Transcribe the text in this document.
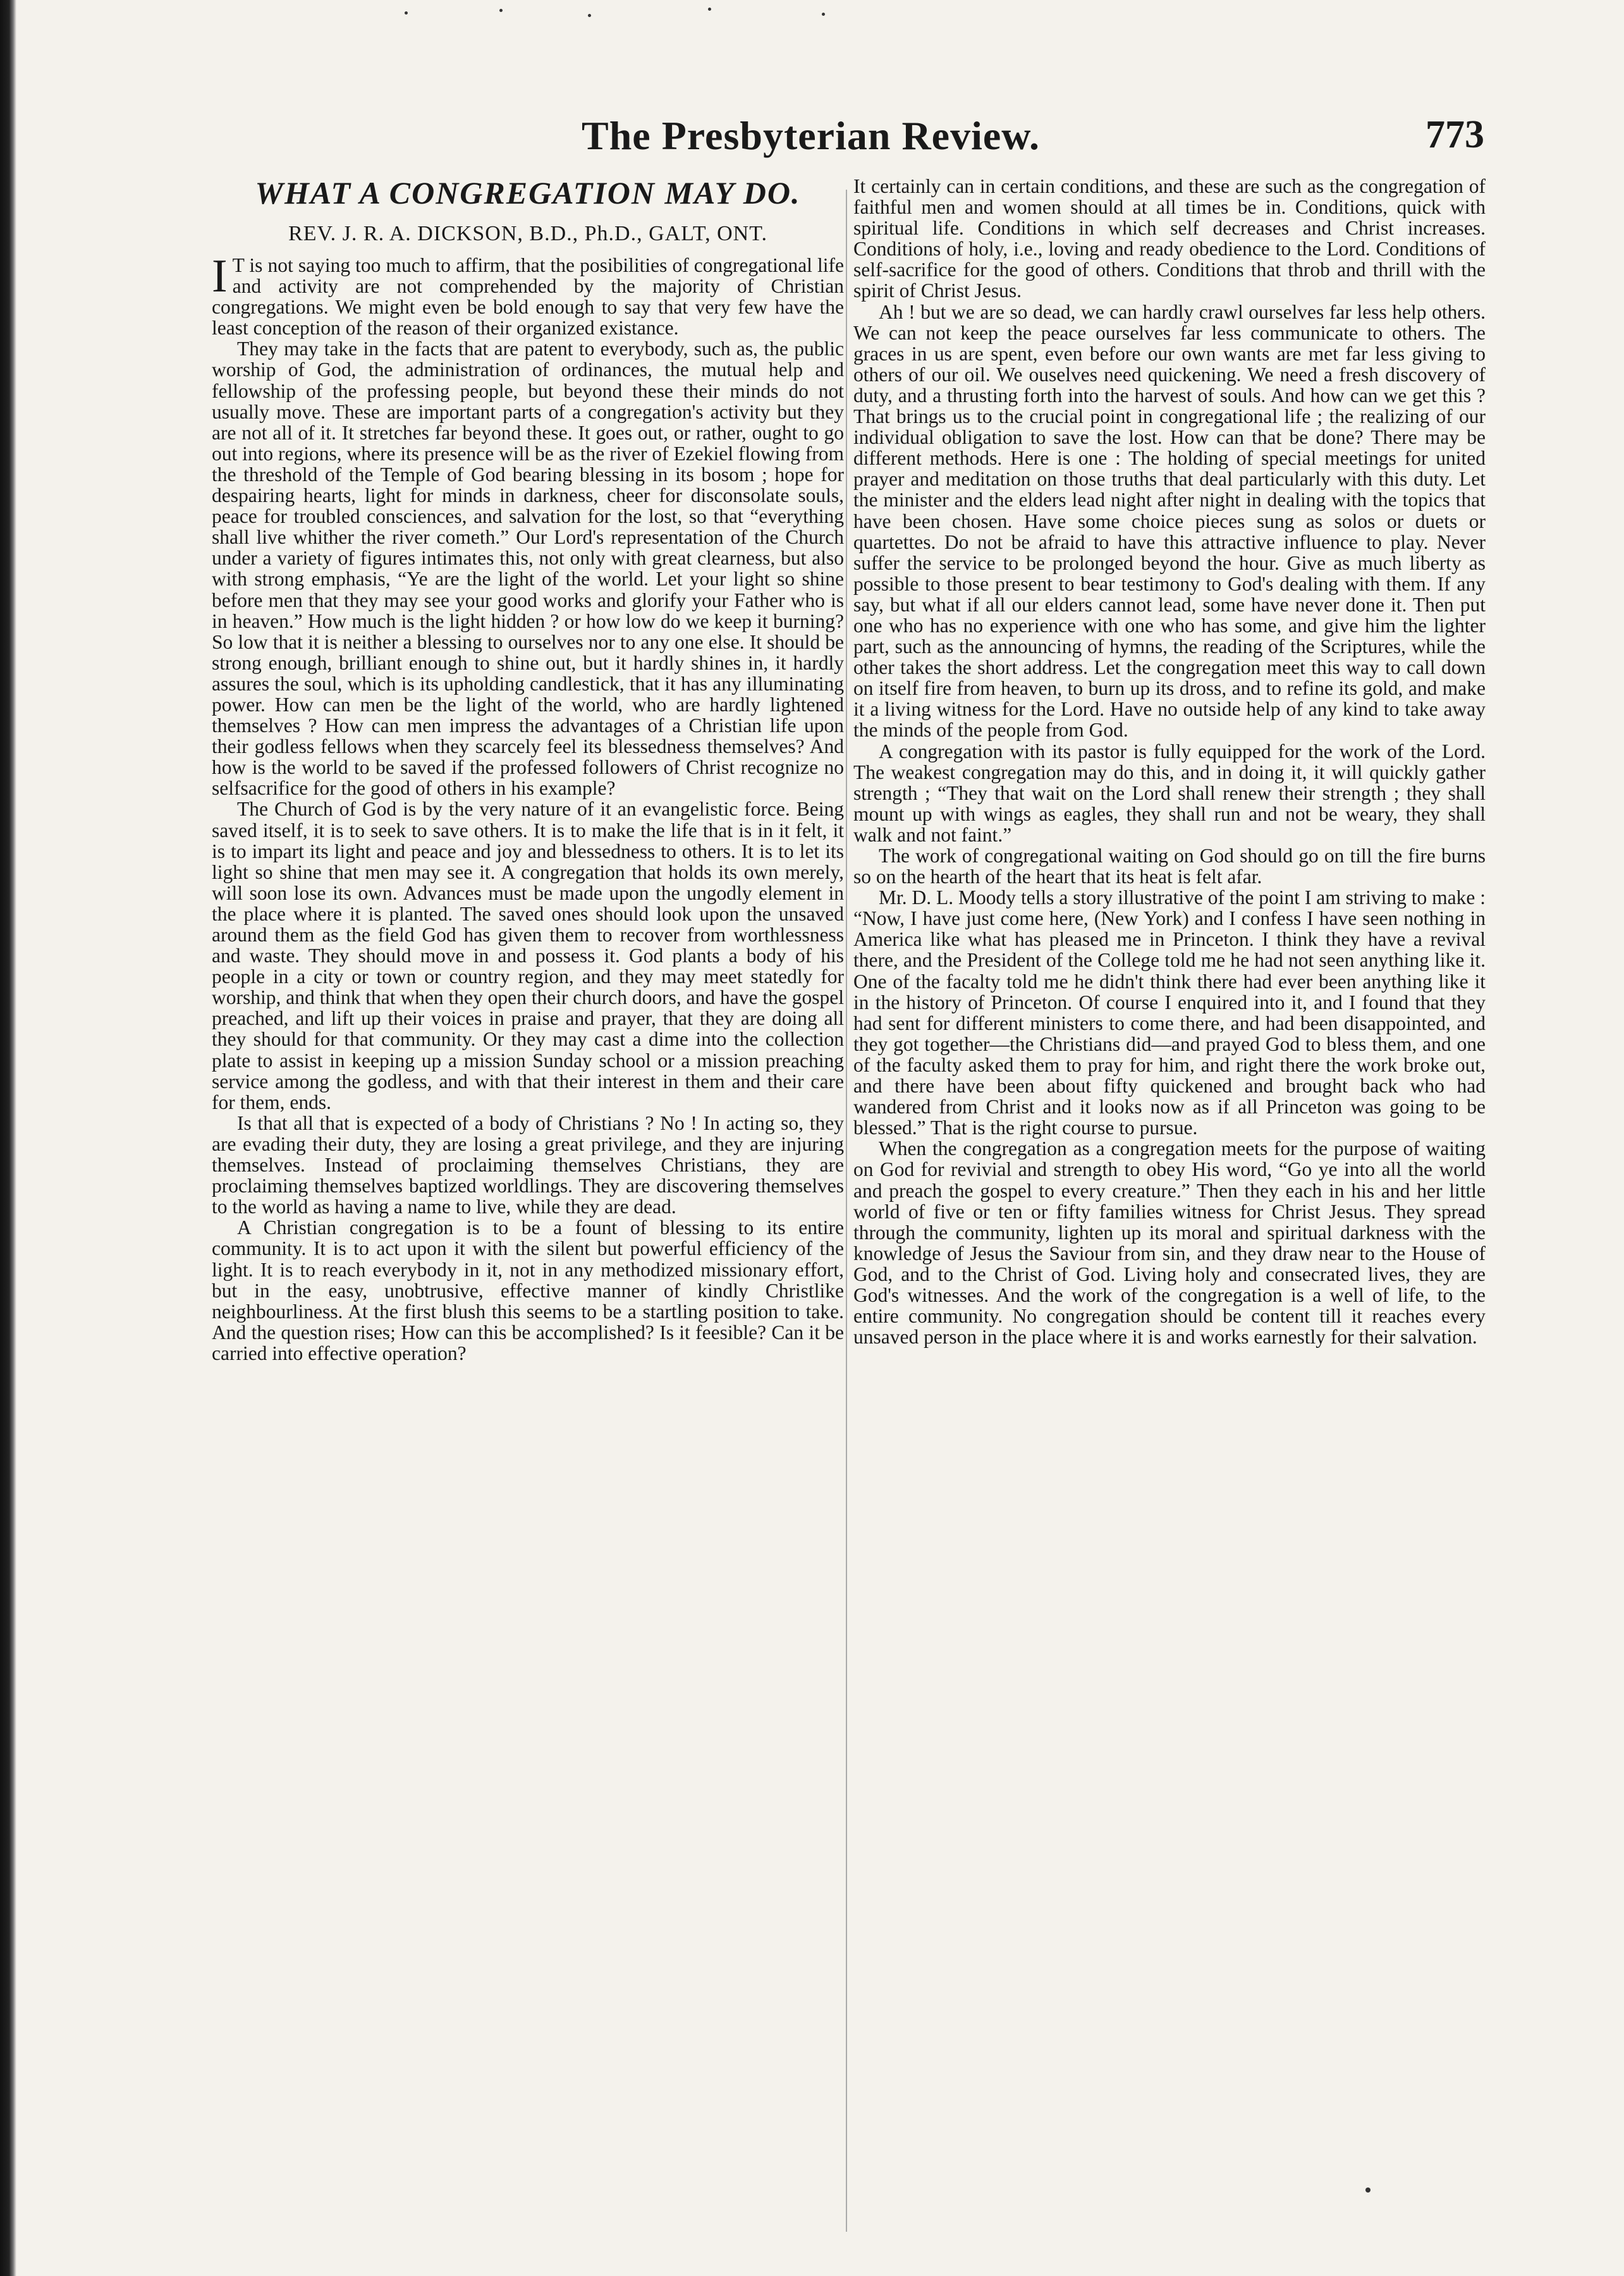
The Presbyterian Review.	773
WHAT A CONGREGATION MAY DO.
REV. J. R. A. DICKSON, B.D., Ph.D., GALT, ONT.

I T is not saying too much to affirm, that the posibilities of congregational life and activity are not comprehended by the majority of Christian congregations. We might even be bold enough to say that very few have the least conception of the reason of their organized existance.

They may take in the facts that are patent to everybody, such as, the public worship of God, the administration of ordinances, the mutual help and fellowship of the professing people, but beyond these their minds do not usually move. These are important parts of a congregation's activity but they are not all of it. It stretches far beyond these. It goes out, or rather, ought to go out into regions, where its presence will be as the river of Ezekiel flowing from the threshold of the Temple of God bearing blessing in its bosom ; hope for despairing hearts, light for minds in darkness, cheer for disconsolate souls, peace for troubled consciences, and salvation for the lost, so that “everything shall live whither the river cometh.” Our Lord's representation of the Church under a variety of figures intimates this, not only with great clearness, but also with strong emphasis, “Ye are the light of the world. Let your light so shine before men that they may see your good works and glorify your Father who is in heaven.” How much is the light hidden ? or how low do we keep it burning? So low that it is neither a blessing to ourselves nor to any one else. It should be strong enough, brilliant enough to shine out, but it hardly shines in, it hardly assures the soul, which is its upholding candlestick, that it has any illuminating power. How can men be the light of the world, who are hardly lightened themselves ? How can men impress the advantages of a Christian life upon their godless fellows when they scarcely feel its blessedness themselves? And how is the world to be saved if the professed followers of Christ recognize no selfsacrifice for the good of others in his example?

The Church of God is by the very nature of it an evangelistic force. Being saved itself, it is to seek to save others. It is to make the life that is in it felt, it is to impart its light and peace and joy and blessedness to others. It is to let its light so shine that men may see it. A congregation that holds its own merely, will soon lose its own. Advances must be made upon the ungodly element in the place where it is planted. The saved ones should look upon the unsaved around them as the field God has given them to recover from worthlessness and waste. They should move in and possess it. God plants a body of his people in a city or town or country region, and they may meet statedly for worship, and think that when they open their church doors, and have the gospel preached, and lift up their voices in praise and prayer, that they are doing all they should for that community. Or they may cast a dime into the collection plate to assist in keeping up a mission Sunday school or a mission preaching service among the godless, and with that their interest in them and their care for them, ends.

Is that all that is expected of a body of Christians ? No ! In acting so, they are evading their duty, they are losing a great privilege, and they are injuring themselves. Instead of proclaiming themselves Christians, they are proclaiming themselves baptized worldlings. They are discovering themselves to the world as having a name to live, while they are dead.

A Christian congregation is to be a fount of blessing to its entire community. It is to act upon it with the silent but powerful efficiency of the light. It is to reach everybody in it, not in any methodized missionary effort, but in the easy, unobtrusive, effective manner of kindly Christlike neighbourliness. At the first blush this seems to be a startling position to take. And the question rises; How can this be accomplished? Is it feesible? Can it be carried into effective operation?

It certainly can in certain conditions, and these are such as the congregation of faithful men and women should at all times be in. Conditions, quick with spiritual life. Conditions in which self decreases and Christ increases. Conditions of holy, i.e., loving and ready obedience to the Lord. Conditions of self-sacrifice for the good of others. Conditions that throb and thrill with the spirit of Christ Jesus.

Ah ! but we are so dead, we can hardly crawl ourselves far less help others. We can not keep the peace ourselves far less communicate to others. The graces in us are spent, even before our own wants are met far less giving to others of our oil. We ouselves need quickening. We need a fresh discovery of duty, and a thrusting forth into the harvest of souls. And how can we get this ? That brings us to the crucial point in congregational life ; the realizing of our individual obligation to save the lost. How can that be done? There may be different methods. Here is one : The holding of special meetings for united prayer and meditation on those truths that deal particularly with this duty. Let the minister and the elders lead night after night in dealing with the topics that have been chosen. Have some choice pieces sung as solos or duets or quartettes. Do not be afraid to have this attractive influence to play. Never suffer the service to be prolonged beyond the hour. Give as much liberty as possible to those present to bear testimony to God's dealing with them. If any say, but what if all our elders cannot lead, some have never done it. Then put one who has no experience with one who has some, and give him the lighter part, such as the announcing of hymns, the reading of the Scriptures, while the other takes the short address. Let the congregation meet this way to call down on itself fire from heaven, to burn up its dross, and to refine its gold, and make it a living witness for the Lord. Have no outside help of any kind to take away the minds of the people from God.

A congregation with its pastor is fully equipped for the work of the Lord. The weakest congregation may do this, and in doing it, it will quickly gather strength ; “They that wait on the Lord shall renew their strength ; they shall mount up with wings as eagles, they shall run and not be weary, they shall walk and not faint.”

The work of congregational waiting on God should go on till the fire burns so on the hearth of the heart that its heat is felt afar.

Mr. D. L. Moody tells a story illustrative of the point I am striving to make : “Now, I have just come here, (New York) and I confess I have seen nothing in America like what has pleased me in Princeton. I think they have a revival there, and the President of the College told me he had not seen anything like it. One of the facalty told me he didn't think there had ever been anything like it in the history of Princeton. Of course I enquired into it, and I found that they had sent for different ministers to come there, and had been disappointed, and they got together—the Christians did—and prayed God to bless them, and one of the faculty asked them to pray for him, and right there the work broke out, and there have been about fifty quickened and brought back who had wandered from Christ and it looks now as if all Princeton was going to be blessed.” That is the right course to pursue.

When the congregation as a congregation meets for the purpose of waiting on God for revivial and strength to obey His word, “Go ye into all the world and preach the gospel to every creature.” Then they each in his and her little world of five or ten or fifty families witness for Christ Jesus. They spread through the community, lighten up its moral and spiritual darkness with the knowledge of Jesus the Saviour from sin, and they draw near to the House of God, and to the Christ of God. Living holy and consecrated lives, they are God's witnesses. And the work of the congregation is a well of life, to the entire community. No congregation should be content till it reaches every unsaved person in the place where it is and works earnestly for their salvation.
